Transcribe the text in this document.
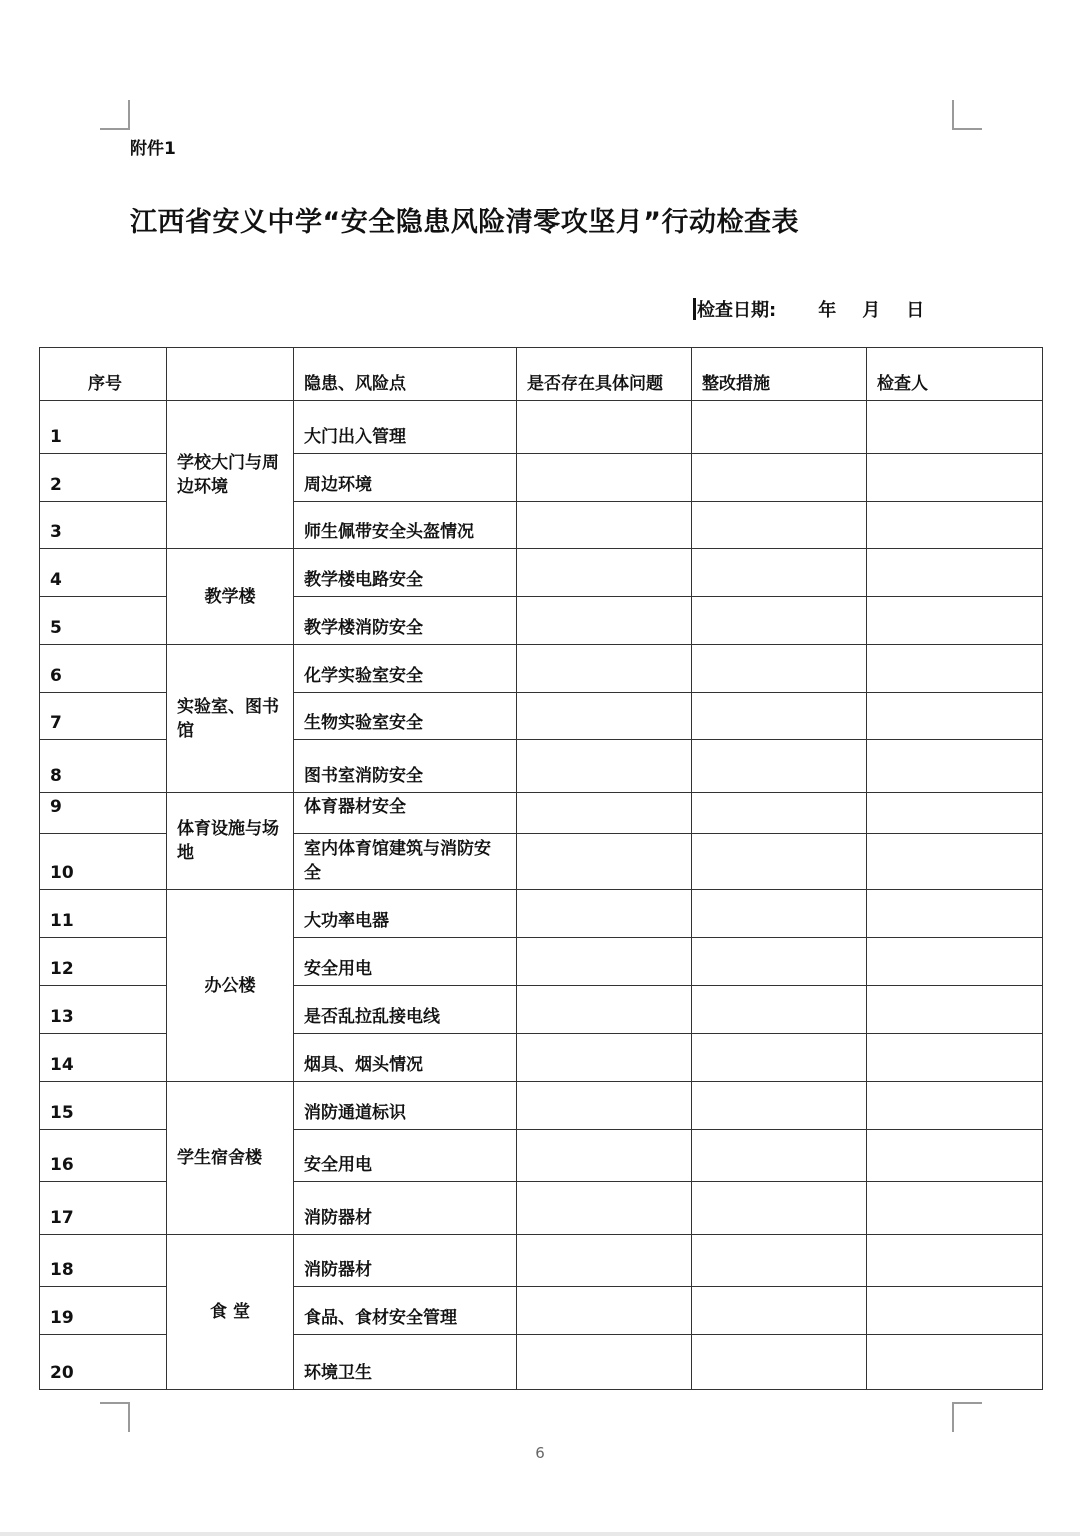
附件1
江西省安义中学“安全隐患风险清零攻坚月”行动检查表
检查日期: 年 月 日
序号		隐患、风险点	是否存在具体问题	整改措施	检查人
1	学校大门与周边环境	大门出入管理			
2		周边环境			
3		师生佩带安全头盔情况			
4	教学楼	教学楼电路安全			
5		教学楼消防安全			
6	实验室、图书馆	化学实验室安全			
7		生物实验室安全			
8		图书室消防安全			
9	体育设施与场地	体育器材安全			
10		室内体育馆建筑与消防安全			
11	办公楼	大功率电器			
12		安全用电			
13		是否乱拉乱接电线			
14		烟具、烟头情况			
15	学生宿舍楼	消防通道标识			
16		安全用电			
17		消防器材			
18	食 堂	消防器材			
19		食品、食材安全管理			
20		环境卫生			
6
